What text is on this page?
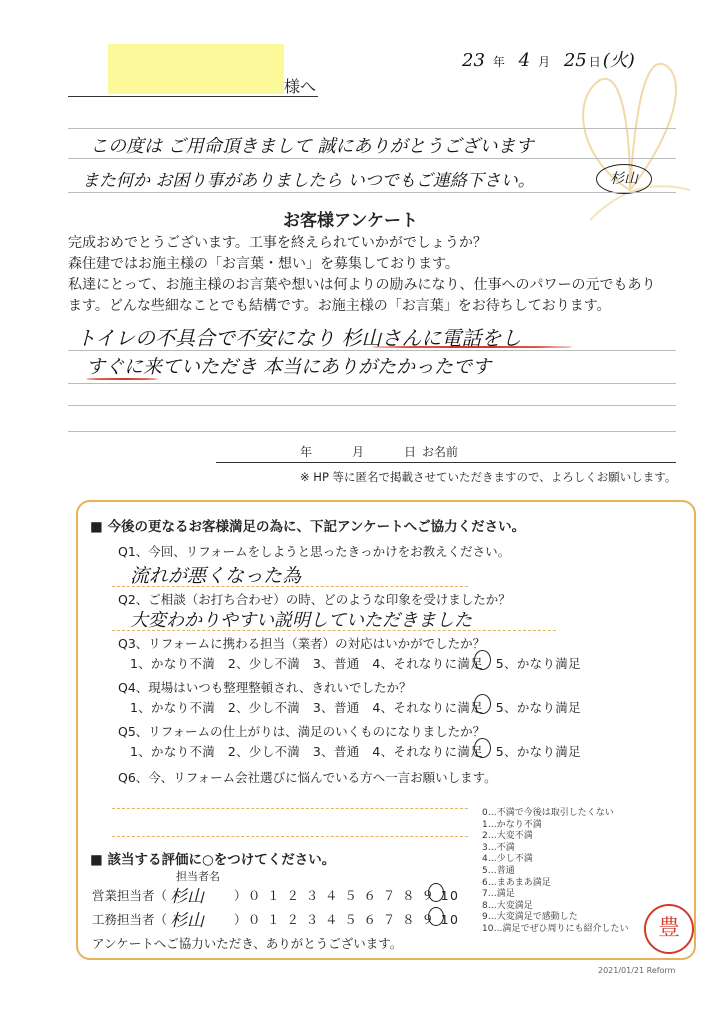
23 年 4 月 25 日 (火)
様へ
この度は ご用命頂きまして 誠にありがとうございます
また何か お困り事がありましたら いつでもご連絡下さい。	杉山
お客様アンケート
完成おめでとうございます。工事を終えられていかがでしょうか？
森住建ではお施主様の「お言葉・想い」を募集しております。
私達にとって、お施主様のお言葉や想いは何よりの励みになり、仕事へのパワーの元でもあり
ます。どんな些細なことでも結構です。お施主様の「お言葉」をお待ちしております。
トイレの不具合で不安になり 杉山さんに電話をし
すぐに来ていただき 本当にありがたかったです
年	月	日 お名前
※ HP 等に匿名で掲載させていただきますので、よろしくお願いします。
■ 今後の更なるお客様満足の為に、下記アンケートへご協力ください。
Q1、今回、リフォームをしようと思ったきっかけをお教えください。
流れが悪くなった為
Q2、ご相談（お打ち合わせ）の時、どのような印象を受けましたか？
大変わかりやすい説明していただきました
Q3、リフォームに携わる担当（業者）の対応はいかがでしたか？
1、かなり不満　2、少し不満　3、普通　4、それなりに満足　5、かなり満足
Q4、現場はいつも整理整頓され、きれいでしたか？
1、かなり不満　2、少し不満　3、普通　4、それなりに満足　5、かなり満足
Q5、リフォームの仕上がりは、満足のいくものになりましたか？
1、かなり不満　2、少し不満　3、普通　4、それなりに満足　5、かなり満足
Q6、今、リフォーム会社選びに悩んでいる方へ一言お願いします。
0…不満で今後は取引したくない
1…かなり不満
2…大変不満
3…不満
4…少し不満
5…普通
6…まあまあ満足
7…満足
8…大変満足
9…大変満足で感動した
10…満足でぜひ周りにも紹介したい
■ 該当する評価に○をつけてください。
担当者名
営業担当者（ 杉山 ）０ １ ２ ３ ４ ５ ６ ７ ８ ９ 10
工務担当者（ 杉山 ）０ １ ２ ３ ４ ５ ６ ７ ８ ９ 10
アンケートへご協力いただき、ありがとうございます。
豊
2021/01/21 Reform
